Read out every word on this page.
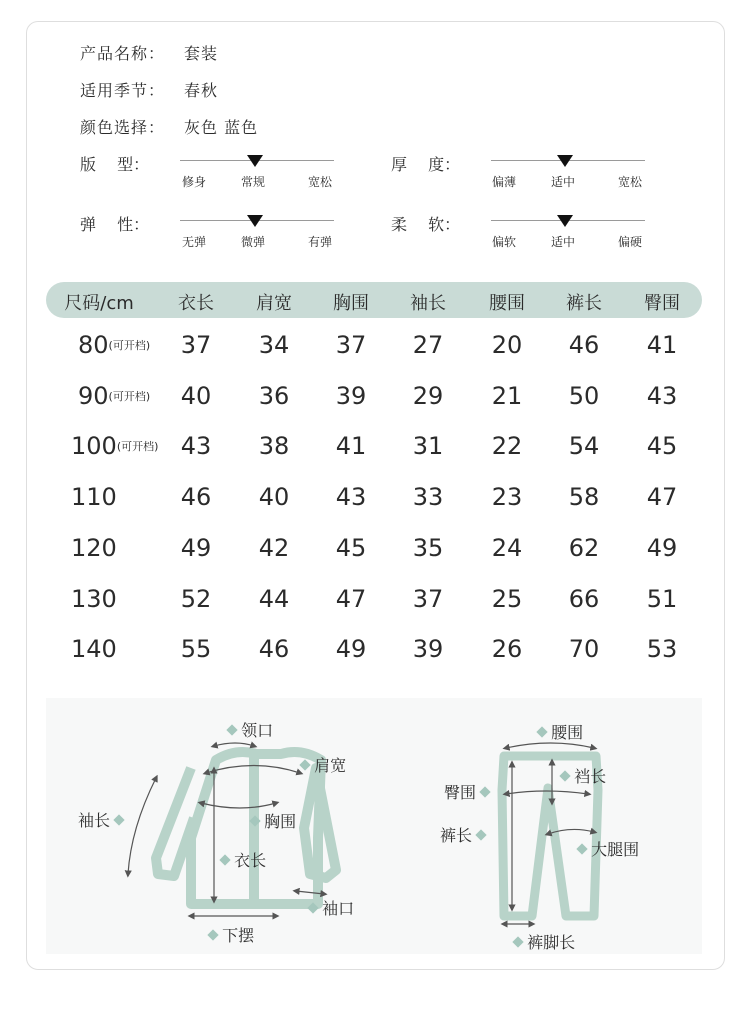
产品名称： 套装
适用季节： 春秋
颜色选择： 灰色 蓝色
版　 型：
修身	常规	宽松
厚　 度：
偏薄	适中	宽松
弹　 性：
无弹	微弹	有弹
柔　 软：
偏软	适中	偏硬
尺码/cm 衣长 肩宽 胸围 袖长 腰围 裤长 臀围
80(可开档) 37 34 37 27 20 46 41
90(可开档) 40 36 39 29 21 50 43
100(可开档) 43 38 41 31 22 54 45
110	46 40 43 33 23 58 47
120	49 42 45 35 24 62 49
130	52 44 47 37 25 66 51
140	55 46 49 39 26 70 53
领口
肩宽
袖长	胸围
衣长
袖口
下摆
腰围
裆长
臀围
裤长
大腿围
裤脚长
